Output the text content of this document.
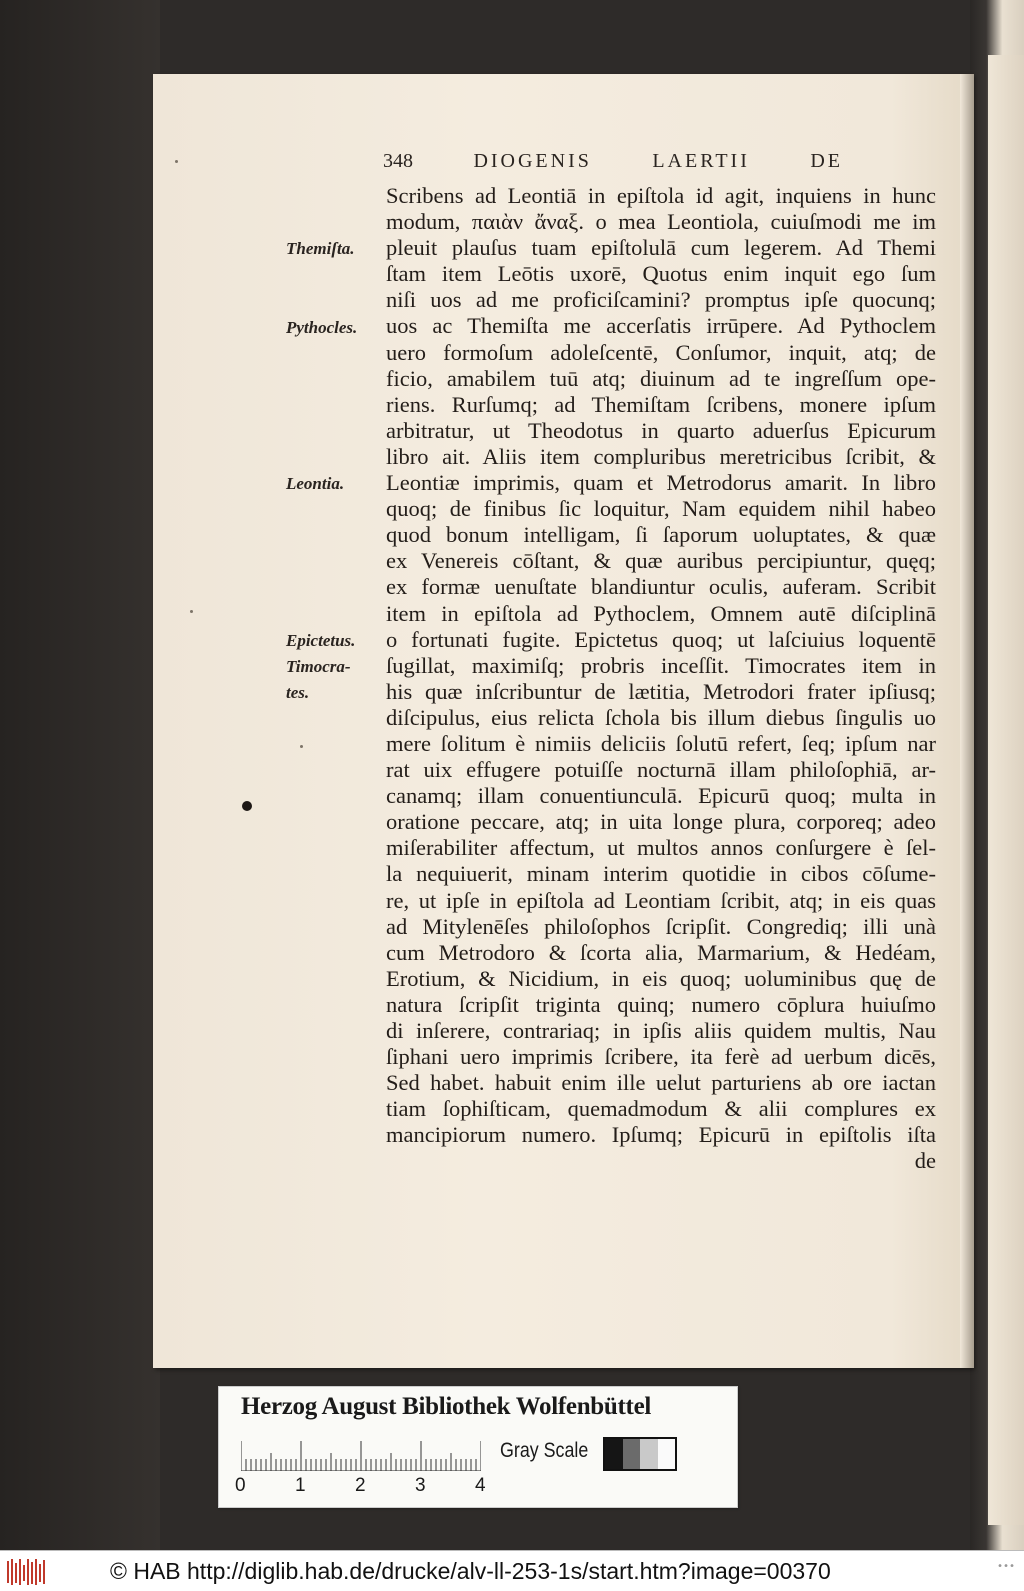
348	DIOGENIS	LAERTII	DE
Scribens ad Leontiā in epiſtola id agit, inquiens in hunc
modum, παιὰν ἄναξ. o mea Leontiola, cuiuſmodi me im
pleuit plauſus tuam epiſtolulā cum legerem. Ad Themi
ſtam item Leōtis uxorē, Quotus enim inquit ego ſum
niſi uos ad me proficiſcamini? promptus ipſe quocunq;
uos ac Themiſta me accerſatis irrūpere. Ad Pythoclem
uero formoſum adoleſcentē, Conſumor, inquit, atq; de
ficio, amabilem tuū atq; diuinum ad te ingreſſum ope-
riens. Rurſumq; ad Themiſtam ſcribens, monere ipſum
arbitratur, ut Theodotus in quarto aduerſus Epicurum
libro ait. Aliis item compluribus meretricibus ſcribit, &
Leontiæ imprimis, quam et Metrodorus amarit. In libro
quoq; de finibus ſic loquitur, Nam equidem nihil habeo
quod bonum intelligam, ſi ſaporum uoluptates, & quæ
ex Venereis cōſtant, & quæ auribus percipiuntur, quęq;
ex formæ uenuſtate blandiuntur oculis, auferam. Scribit
item in epiſtola ad Pythoclem, Omnem autē diſciplinā
o fortunati fugite. Epictetus quoq; ut laſciuius loquentē
ſugillat, maximiſq; probris inceſſit. Timocrates item in
his quæ inſcribuntur de lætitia, Metrodori frater ipſiusq;
diſcipulus, eius relicta ſchola bis illum diebus ſingulis uo
mere ſolitum è nimiis deliciis ſolutū refert, ſeq; ipſum nar
rat uix effugere potuiſſe nocturnā illam philoſophiā, ar-
canamq; illam conuentiunculā. Epicurū quoq; multa in
oratione peccare, atq; in uita longe plura, corporeq; adeo
miſerabiliter affectum, ut multos annos conſurgere è ſel-
la nequiuerit, minam interim quotidie in cibos cōſume-
re, ut ipſe in epiſtola ad Leontiam ſcribit, atq; in eis quas
ad Mitylenēſes philoſophos ſcripſit. Congrediq; illi unà
cum Metrodoro & ſcorta alia, Marmarium, & Hedéam,
Erotium, & Nicidium, in eis quoq; uoluminibus quę de
natura ſcripſit triginta quinq; numero cōplura huiuſmo
di inſerere, contrariaq; in ipſis aliis quidem multis, Nau
ſiphani uero imprimis ſcribere, ita ferè ad uerbum dicēs,
Sed habet. habuit enim ille uelut parturiens ab ore iactan
tiam ſophiſticam, quemadmodum & alii complures ex
mancipiorum numero. Ipſumq; Epicurū in epiſtolis iſta
de
Themiſta.
Pythocles.
Leontia.
Epictetus.
Timocra-
tes.
Herzog August Bibliothek Wolfenbüttel
0	1	2	3	4
Gray Scale
© HAB http://diglib.hab.de/drucke/alv-ll-253-1s/start.htm?image=00370	•••
